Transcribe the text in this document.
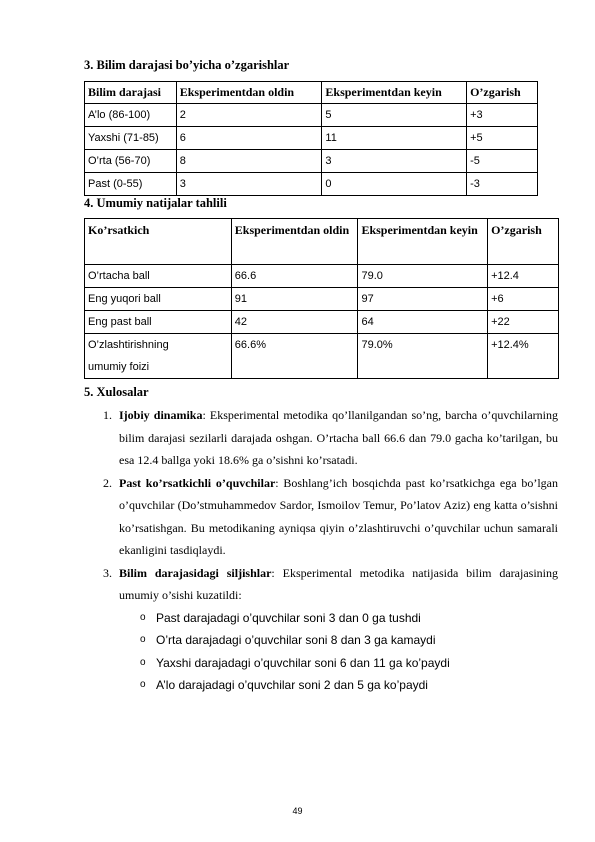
3. Bilim darajasi bo’yicha o’zgarishlar
Bilim darajasi	Eksperimentdan oldin	Eksperimentdan keyin	O’zgarish
A’lo (86-100)	2	5	+3
Yaxshi (71-85)	6	11	+5
O’rta (56-70)	8	3	-5
Past (0-55)	3	0	-3
4. Umumiy natijalar tahlili
Ko’rsatkich	Eksperimentdan oldin	Eksperimentdan keyin	O’zgarish
O’rtacha ball	66.6	79.0	+12.4
Eng yuqori ball	91	97	+6
Eng past ball	42	64	+22
O’zlashtirishning umumiy foizi	66.6%	79.0%	+12.4%
5. Xulosalar
1. Ijobiy dinamika: Eksperimental metodika qo’llanilgandan so’ng, barcha o’quvchilarning bilim darajasi sezilarli darajada oshgan. O’rtacha ball 66.6 dan 79.0 gacha ko’tarilgan, bu esa 12.4 ballga yoki 18.6% ga o’sishni ko’rsatadi.
2. Past ko’rsatkichli o’quvchilar: Boshlang’ich bosqichda past ko’rsatkichga ega bo’lgan o’quvchilar (Do’stmuhammedov Sardor, Ismoilov Temur, Po’latov Aziz) eng katta o’sishni ko’rsatishgan. Bu metodikaning ayniqsa qiyin o’zlashtiruvchi o’quvchilar uchun samarali ekanligini tasdiqlaydi.
3. Bilim darajasidagi siljishlar: Eksperimental metodika natijasida bilim darajasining umumiy o’sishi kuzatildi:
o Past darajadagi o’quvchilar soni 3 dan 0 ga tushdi
o O’rta darajadagi o’quvchilar soni 8 dan 3 ga kamaydi
o Yaxshi darajadagi o’quvchilar soni 6 dan 11 ga ko’paydi
o A’lo darajadagi o’quvchilar soni 2 dan 5 ga ko’paydi
49
